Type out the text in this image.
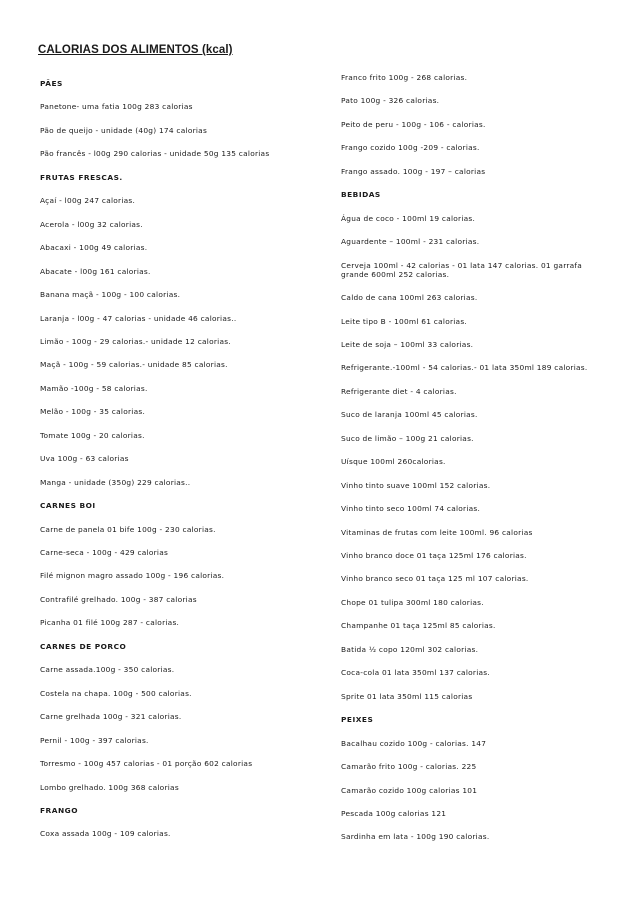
CALORIAS DOS ALIMENTOS (kcal)
PÃES
Panetone- uma fatia 100g 283 calorias
Pão de queijo - unidade (40g) 174 calorias
Pão francês - l00g 290 calorias - unidade 50g 135 calorias
FRUTAS FRESCAS.
Açaí - l00g 247 calorias.
Acerola - l00g 32 calorias.
Abacaxi - 100g 49 calorias.
Abacate - l00g 161 calorias.
Banana maçã - 100g - 100 calorias.
Laranja - l00g - 47 calorias - unidade 46 calorias..
Limão - 100g - 29 calorias.- unidade 12 calorias.
Maçã - 100g - 59 calorias.- unidade 85 calorias.
Mamão -100g - 58 calorias.
Melão - 100g - 35 calorias.
Tomate 100g - 20 calorias.
Uva 100g - 63 calorias
Manga - unidade (350g) 229 calorias..
CARNES BOI
Carne de panela 01 bife 100g - 230 calorias.
Carne-seca - 100g - 429 calorias
Filé mignon magro assado 100g - 196 calorias.
Contrafilé grelhado. 100g - 387 calorias
Picanha 01 filé 100g 287 - calorias.
CARNES DE PORCO
Carne assada.100g - 350 calorias.
Costela na chapa. 100g - 500 calorias.
Carne grelhada 100g - 321 calorias.
Pernil - 100g - 397 calorias.
Torresmo - 100g 457 calorias - 01 porção 602 calorias
Lombo grelhado. 100g 368 calorias
FRANGO
Coxa assada 100g - 109 calorias.
Franco frito 100g - 268 calorias.
Pato 100g - 326 calorias.
Peito de peru - 100g - 106 - calorias.
Frango cozido 100g -209 - calorias.
Frango assado. 100g - 197 – calorias
BEBIDAS
Água de coco - 100ml 19 calorias.
Aguardente – 100ml - 231 calorias.
Cerveja 100ml - 42 calorias - 01 lata 147 calorias. 01 garrafa grande 600ml 252 calorias.
Caldo de cana 100ml 263 calorias.
Leite tipo B - 100ml 61 calorias.
Leite de soja – 100ml 33 calorias.
Refrigerante.-100ml - 54 calorias.- 01 lata 350ml 189 calorias.
Refrigerante diet - 4 calorias.
Suco de laranja 100ml 45 calorias.
Suco de limão – 100g 21 calorias.
Uísque 100ml 260calorias.
Vinho tinto suave 100ml 152 calorias.
Vinho tinto seco 100ml 74 calorias.
Vitaminas de frutas com leite 100ml. 96 calorias
Vinho branco doce 01 taça 125ml 176 calorias.
Vinho branco seco 01 taça 125 ml 107 calorias.
Chope 01 tulipa 300ml 180 calorias.
Champanhe 01 taça 125ml 85 calorias.
Batida ½ copo 120ml 302 calorias.
Coca-cola 01 lata 350ml 137 calorias.
Sprite 01 lata 350ml 115 calorias
PEIXES
Bacalhau cozido 100g - calorias. 147
Camarão frito 100g - calorias. 225
Camarão cozido 100g calorias 101
Pescada 100g calorias 121
Sardinha em lata - 100g 190 calorias.
